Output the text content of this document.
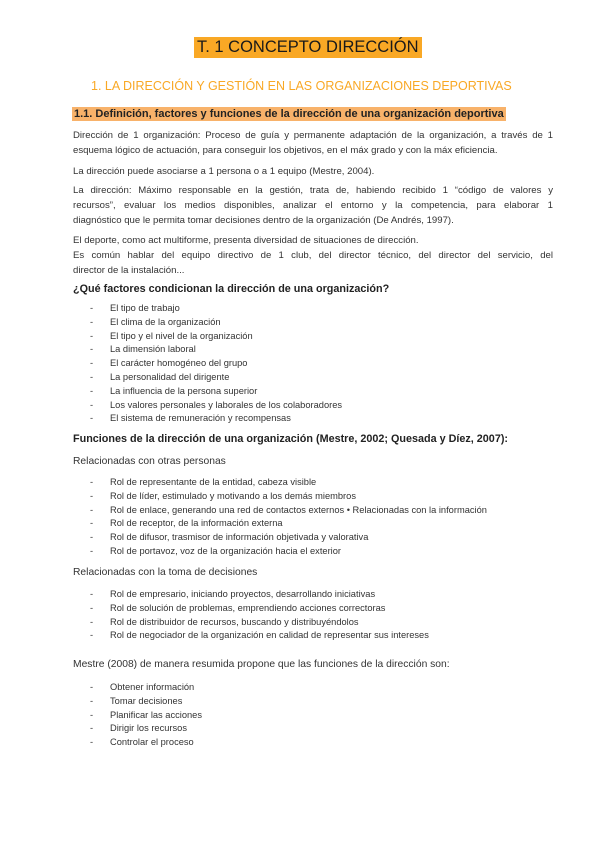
T. 1 CONCEPTO DIRECCIÓN
1. LA DIRECCIÓN Y GESTIÓN EN LAS ORGANIZACIONES DEPORTIVAS
1.1. Definición, factores y funciones de la dirección de una organización deportiva
Dirección de 1 organización: Proceso de guía y permanente adaptación de la organización, a través de 1
esquema lógico de actuación, para conseguir los objetivos, en el máx grado y con la máx eficiencia.
La dirección puede asociarse a 1 persona o a 1 equipo (Mestre, 2004).
La dirección: Máximo responsable en la gestión, trata de, habiendo recibido 1 “código de valores y
recursos”, evaluar los medios disponibles, analizar el entorno y la competencia, para elaborar 1
diagnóstico que le permita tomar decisiones dentro de la organización (De Andrés, 1997).
El deporte, como act multiforme, presenta diversidad de situaciones de dirección.
Es común hablar del equipo directivo de 1 club, del director técnico, del director del servicio, del
director de la instalación...
¿Qué factores condicionan la dirección de una organización?
- El tipo de trabajo
- El clima de la organización
- El tipo y el nivel de la organización
- La dimensión laboral
- El carácter homogéneo del grupo
- La personalidad del dirigente
- La influencia de la persona superior
- Los valores personales y laborales de los colaboradores
- El sistema de remuneración y recompensas
Funciones de la dirección de una organización (Mestre, 2002; Quesada y Díez, 2007):
Relacionadas con otras personas
- Rol de representante de la entidad, cabeza visible
- Rol de líder, estimulado y motivando a los demás miembros
- Rol de enlace, generando una red de contactos externos • Relacionadas con la información
- Rol de receptor, de la información externa
- Rol de difusor, trasmisor de información objetivada y valorativa
- Rol de portavoz, voz de la organización hacia el exterior
Relacionadas con la toma de decisiones
- Rol de empresario, iniciando proyectos, desarrollando iniciativas
- Rol de solución de problemas, emprendiendo acciones correctoras
- Rol de distribuidor de recursos, buscando y distribuyéndolos
- Rol de negociador de la organización en calidad de representar sus intereses
Mestre (2008) de manera resumida propone que las funciones de la dirección son:
- Obtener información
- Tomar decisiones
- Planificar las acciones
- Dirigir los recursos
- Controlar el proceso
